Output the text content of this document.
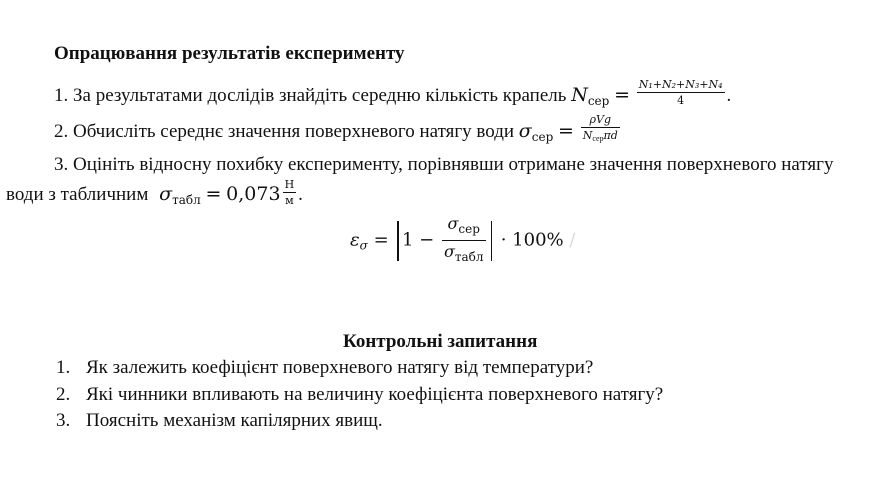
Опрацювання результатів експерименту
1. За результатами дослідів знайдіть середню кількість крапель $N_{сер} = \frac{\text{N₁+N₂+N₃+N₄}}{4}$ .
2. Обчисліть середнє значення поверхневого натягу води $\sigma_{сер} = \frac{\text{ρVg}}{\text{Nсерπd}}$
3. Оцініть відносну похибку експерименту, порівнявши отримане значення поверхневого натягу
води з табличним $\sigma_{табл} = 0,073 \frac{Н}{м}$ .
$\varepsilon_\sigma = 1 - \frac{\sigma_{сер}}{\sigma_{табл}} \cdot 100\%$ /
Контрольні запитання
1. Як залежить коефіцієнт поверхневого натягу від температури?
2. Які чинники впливають на величину коефіцієнта поверхневого натягу?
3. Поясніть механізм капілярних явищ.
